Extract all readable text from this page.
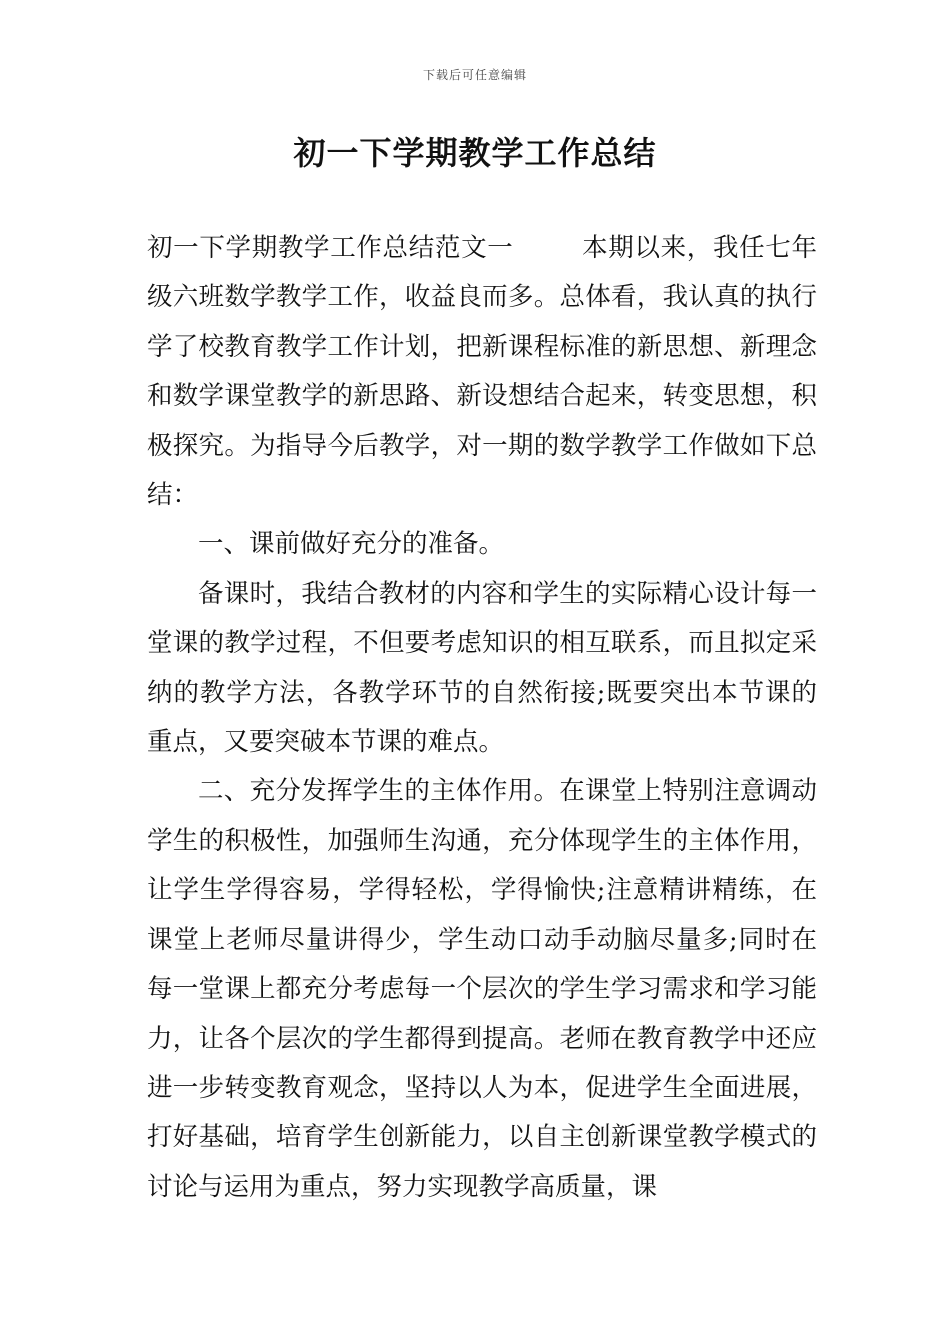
下载后可任意编辑
初一下学期教学工作总结

初一下学期教学工作总结范文一	本期以来，我任七年级六班数学教学工作，收益良而多。总体看，我认真的执行学了校教育教学工作计划，把新课程标准的新思想、新理念和数学课堂教学的新思路、新设想结合起来，转变思想，积极探究。为指导今后教学，对一期的数学教学工作做如下总结：

一、课前做好充分的准备。

备课时，我结合教材的内容和学生的实际精心设计每一堂课的教学过程，不但要考虑知识的相互联系，而且拟定采纳的教学方法，各教学环节的自然衔接;既要突出本节课的重点，又要突破本节课的难点。

二、充分发挥学生的主体作用。在课堂上特别注意调动学生的积极性，加强师生沟通，充分体现学生的主体作用，让学生学得容易，学得轻松，学得愉快;注意精讲精练，在课堂上老师尽量讲得少，学生动口动手动脑尽量多;同时在每一堂课上都充分考虑每一个层次的学生学习需求和学习能力，让各个层次的学生都得到提高。老师在教育教学中还应进一步转变教育观念，坚持以人为本，促进学生全面进展，打好基础，培育学生创新能力，以自主创新课堂教学模式的讨论与运用为重点，努力实现教学高质量，课
